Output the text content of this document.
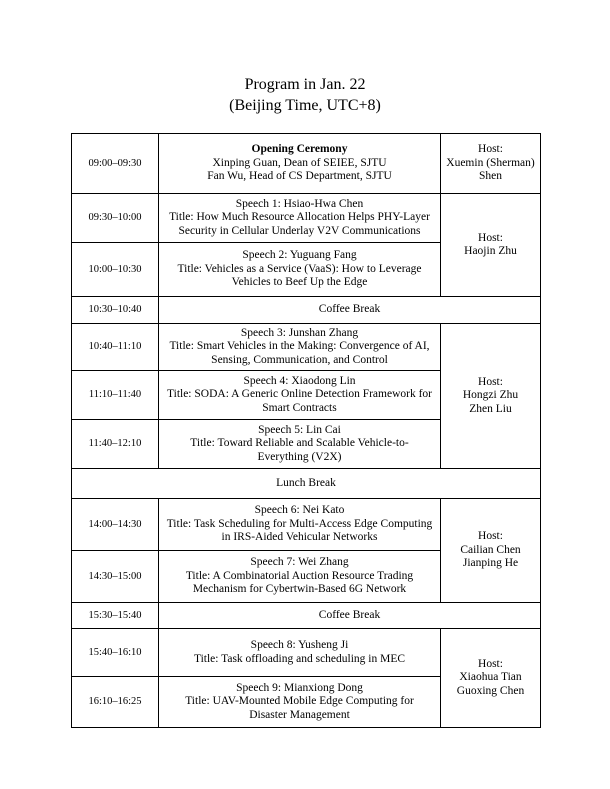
Program in Jan. 22
(Beijing Time, UTC+8)
09:00–09:30	Opening Ceremony
Xinping Guan, Dean of SEIEE, SJTU
Fan Wu, Head of CS Department, SJTU	Host:
Xuemin (Sherman)
Shen

09:30–10:00	Speech 1: Hsiao-Hwa Chen
Title: How Much Resource Allocation Helps PHY-Layer
Security in Cellular Underlay V2V Communications	Host:
Haojin Zhu

10:00–10:30	Speech 2: Yuguang Fang
Title: Vehicles as a Service (VaaS): How to Leverage
Vehicles to Beef Up the Edge	

10:30–10:40	Coffee Break	

10:40–11:10	Speech 3: Junshan Zhang
Title: Smart Vehicles in the Making: Convergence of AI,
Sensing, Communication, and Control	Host:
Hongzi Zhu
Zhen Liu

11:10–11:40	Speech 4: Xiaodong Lin
Title: SODA: A Generic Online Detection Framework for
Smart Contracts	

11:40–12:10	Speech 5: Lin Cai
Title: Toward Reliable and Scalable Vehicle-to-
Everything (V2X)	

Lunch Break		

14:00–14:30	Speech 6: Nei Kato
Title: Task Scheduling for Multi-Access Edge Computing
in IRS-Aided Vehicular Networks	Host:
Cailian Chen
Jianping He

14:30–15:00	Speech 7: Wei Zhang
Title: A Combinatorial Auction Resource Trading
Mechanism for Cybertwin-Based 6G Network	

15:30–15:40	Coffee Break	

15:40–16:10	Speech 8: Yusheng Ji
Title: Task offloading and scheduling in MEC	Host:
Xiaohua Tian
Guoxing Chen

16:10–16:25	Speech 9: Mianxiong Dong
Title: UAV-Mounted Mobile Edge Computing for
Disaster Management	
